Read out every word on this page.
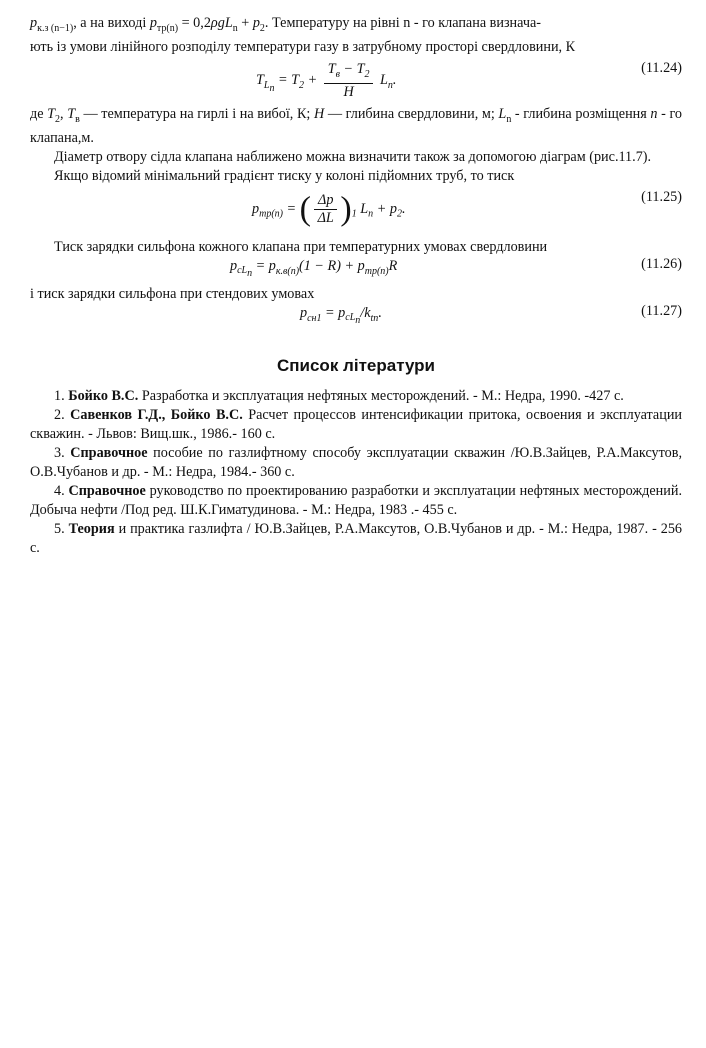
$p_{к.з (n-1)}$, а на виході $p_{тр(n)} = 0,2\rho gL_n + p_2$. Температуру на рівні n - го клапана визнача-

ють із умови лінійного розподілу температури газу в затрубному просторі свердловини, К

$T_{L_n} = T_2 + \frac{T_в - T_2}{H} L_n$.
(11.24)

де $T_2$, $T_в$ — температура на гирлі і на вибої, К; H — глибина свердловини, м; $L_n$ - глибина розміщення n - го клапана,м.

Діаметр отвору сідла клапана наближено можна визначити також за допомогою діаграм (рис.11.7).

Якщо відомий мінімальний градієнт тиску у колоні підйомних труб, то тиск

$p_{тр(n)}$ = ( $\frac{\Delta p}{\Delta L} )_1$ $L_n + p_2$.
(11.25)

Тиск зарядки сильфона кожного клапана при температурних умовах свердловини

$p_{cL_n} = p_{к.в(n)}(1 - R) + p_{тр(n)}R$	(11.26)

і тиск зарядки сильфона при стендових умовах

$p_{сн1} = p_{cL_n}/k_{tn}$.	(11.27)
Список літератури

1. Бойко В.С. Разработка и эксплуатация нефтяных месторождений. - М.: Недра, 1990. -427 с.

2. Савенков Г.Д., Бойко В.С. Расчет процессов интенсификации притока, освоения и эксплуатации скважин. - Львов: Вищ.шк., 1986.- 160 с.

3. Справочное пособие по газлифтному способу эксплуатации скважин /Ю.В.Зайцев, Р.А.Максутов, О.В.Чубанов и др. - М.: Недра, 1984.- 360 с.

4. Справочное руководство по проектированию разработки и эксплуатации нефтяных месторождений. Добыча нефти /Под ред. Ш.К.Гиматудинова. - М.: Недра, 1983 .- 455 с.

5. Теория и практика газлифта / Ю.В.Зайцев, Р.А.Максутов, О.В.Чубанов и др. - М.: Недра, 1987. - 256 с.
